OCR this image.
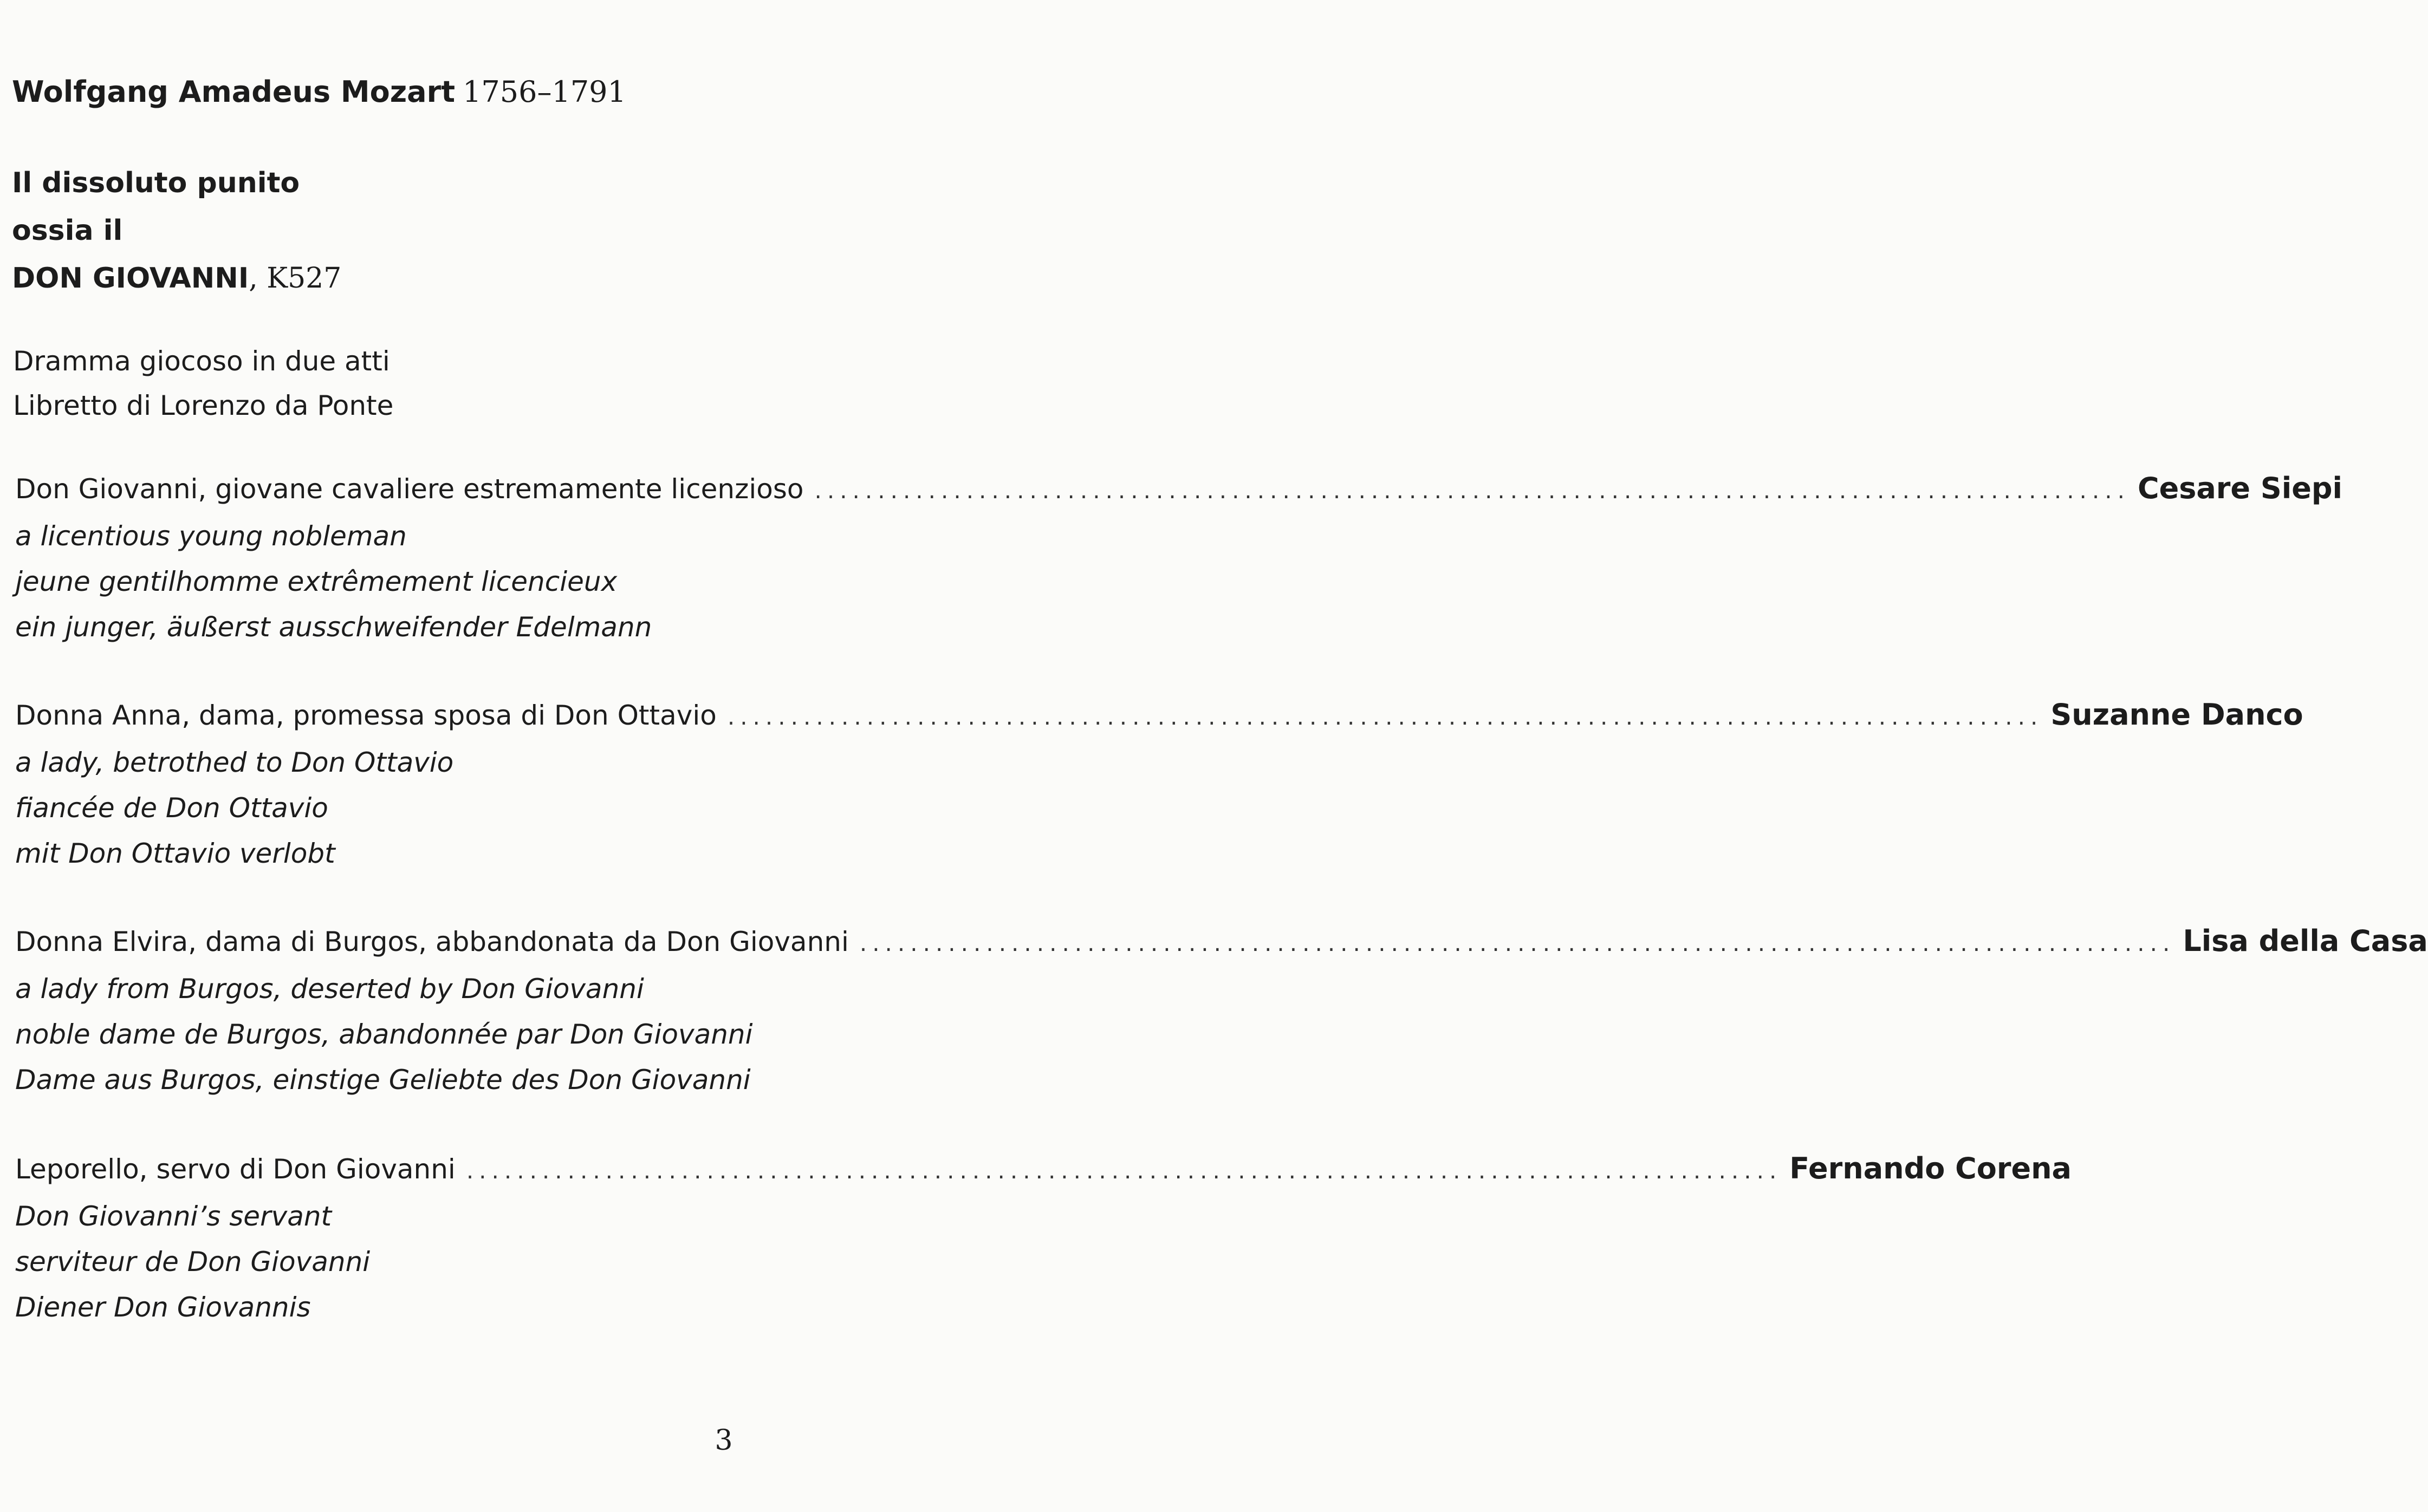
Wolfgang Amadeus Mozart 1756–1791
Il dissoluto punito
ossia il
DON GIOVANNI, K527
Dramma giocoso in due atti
Libretto di Lorenzo da Ponte
Don Giovanni, giovane cavaliere estremamente licenzioso ........................................................................................................ Cesare Siepi
a licentious young nobleman
jeune gentilhomme extrêmement licencieux
ein junger, äußerst ausschweifender Edelmann
Donna Anna, dama, promessa sposa di Don Ottavio ........................................................................................................ Suzanne Danco
a lady, betrothed to Don Ottavio
fiancée de Don Ottavio
mit Don Ottavio verlobt
Donna Elvira, dama di Burgos, abbandonata da Don Giovanni ........................................................................................................ Lisa della Casa
a lady from Burgos, deserted by Don Giovanni
noble dame de Burgos, abandonnée par Don Giovanni
Dame aus Burgos, einstige Geliebte des Don Giovanni
Leporello, servo di Don Giovanni ........................................................................................................ Fernando Corena
Don Giovanni’s servant
serviteur de Don Giovanni
Diener Don Giovannis
3
